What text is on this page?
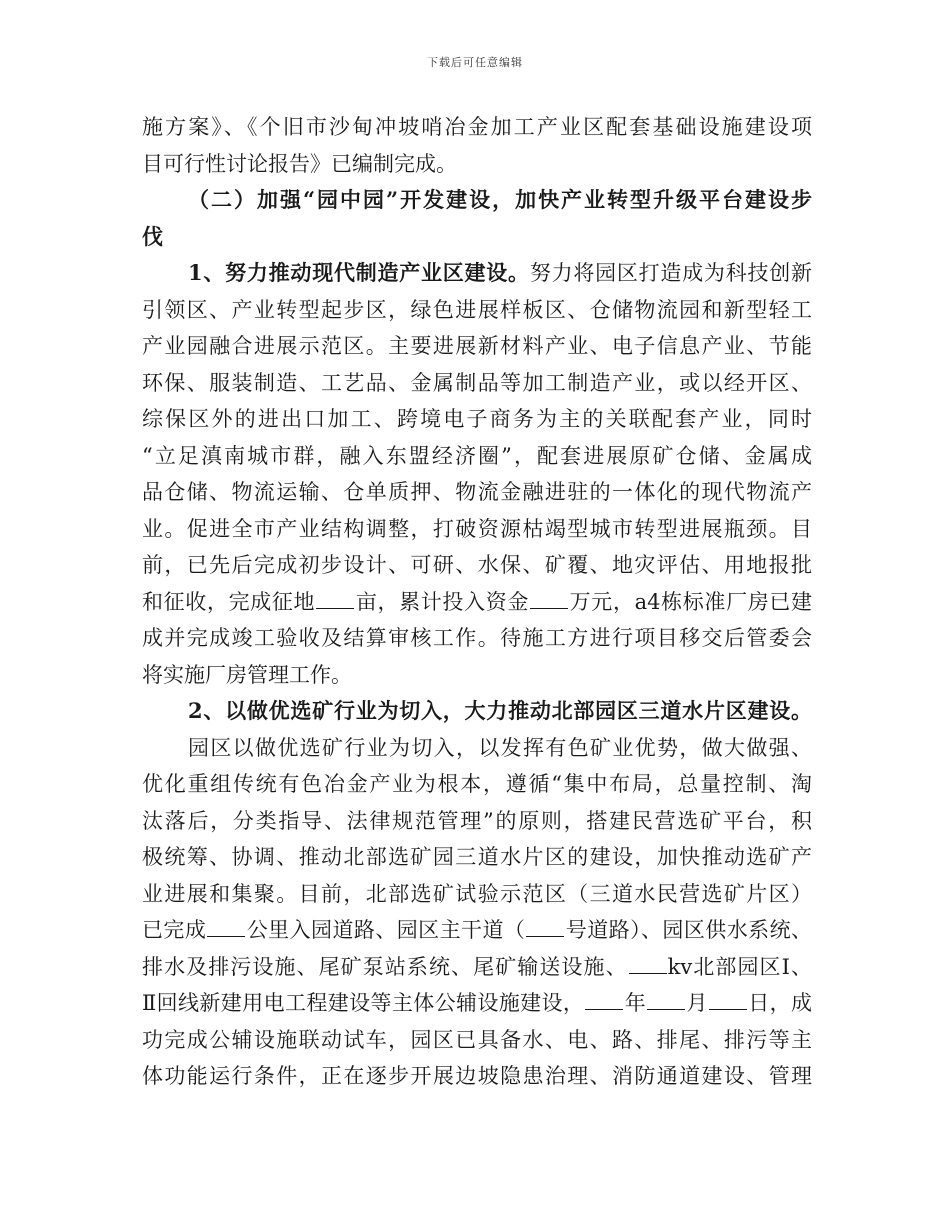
下载后可任意编辑
施方案》、《个旧市沙甸冲坡哨冶金加工产业区配套基础设施建设项
目可行性讨论报告》已编制完成。
（二）加强“园中园”开发建设，加快产业转型升级平台建设步
伐
1、努力推动现代制造产业区建设。努力将园区打造成为科技创新
引领区、产业转型起步区，绿色进展样板区、仓储物流园和新型轻工
产业园融合进展示范区。主要进展新材料产业、电子信息产业、节能
环保、服装制造、工艺品、金属制品等加工制造产业，或以经开区、
综保区外的进出口加工、跨境电子商务为主的关联配套产业，同时
“立足滇南城市群，融入东盟经济圈”，配套进展原矿仓储、金属成
品仓储、物流运输、仓单质押、物流金融进驻的一体化的现代物流产
业。促进全市产业结构调整，打破资源枯竭型城市转型进展瓶颈。目
前，已先后完成初步设计、可研、水保、矿覆、地灾评估、用地报批
和征收，完成征地 亩，累计投入资金 万元，a4栋标准厂房已建
成并完成竣工验收及结算审核工作。待施工方进行项目移交后管委会
将实施厂房管理工作。
2、以做优选矿行业为切入，大力推动北部园区三道水片区建设。
园区以做优选矿行业为切入，以发挥有色矿业优势，做大做强、
优化重组传统有色冶金产业为根本，遵循“集中布局，总量控制、淘
汰落后，分类指导、法律规范管理”的原则，搭建民营选矿平台，积
极统筹、协调、推动北部选矿园三道水片区的建设，加快推动选矿产
业进展和集聚。目前，北部选矿试验示范区（三道水民营选矿片区）
已完成 公里入园道路、园区主干道（ 号道路）、园区供水系统、
排水及排污设施、尾矿泵站系统、尾矿输送设施、 kv北部园区Ⅰ、
Ⅱ回线新建用电工程建设等主体公辅设施建设， 年 月 日，成
功完成公辅设施联动试车，园区已具备水、电、路、排尾、排污等主
体功能运行条件，正在逐步开展边坡隐患治理、消防通道建设、管理
